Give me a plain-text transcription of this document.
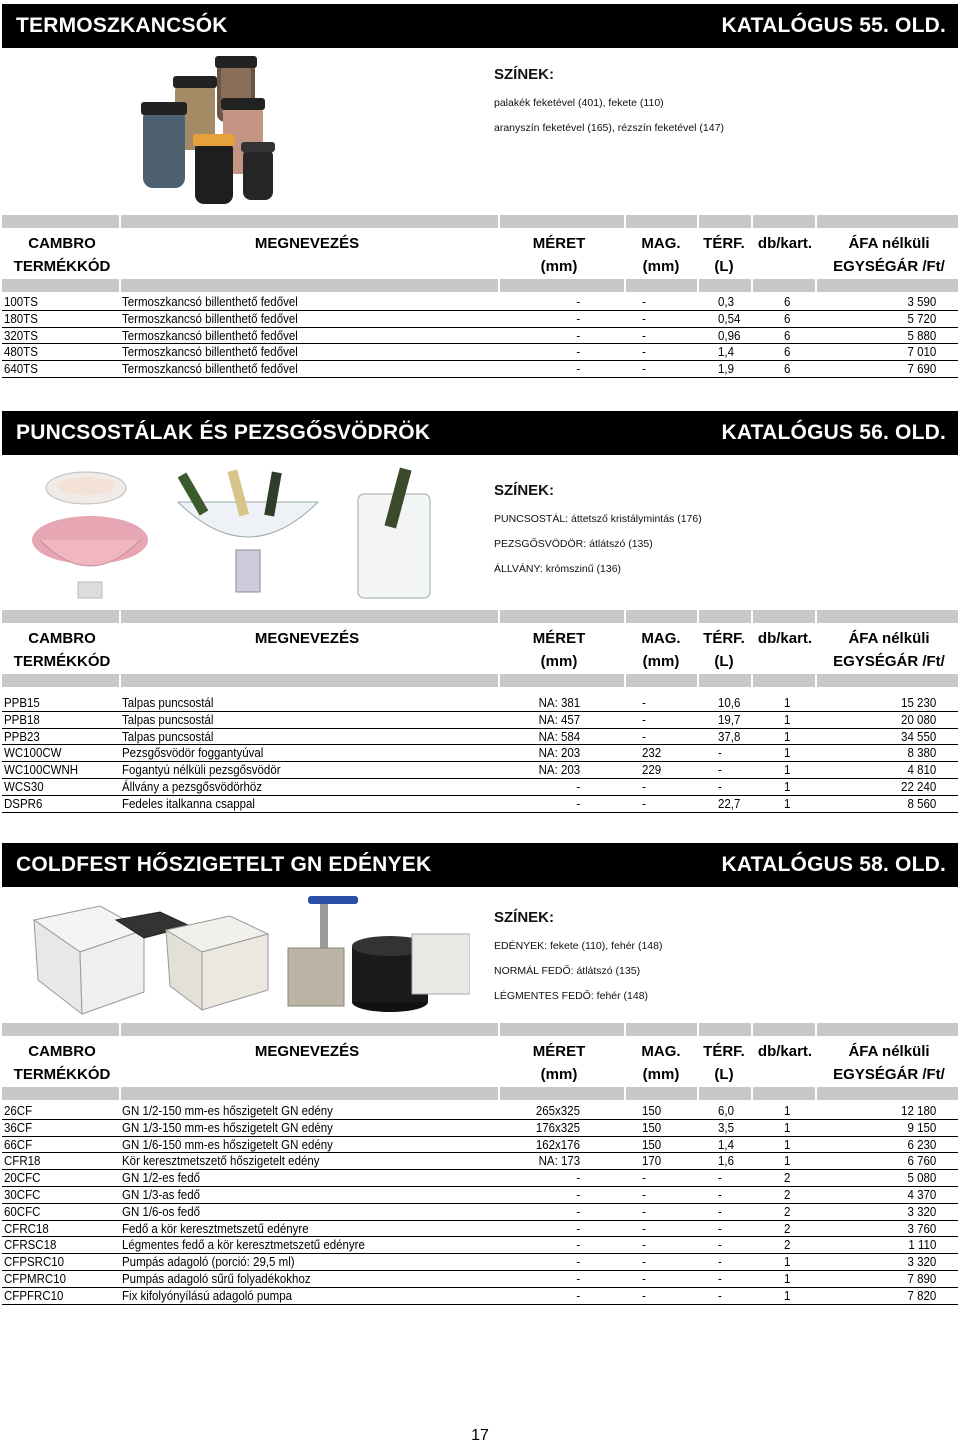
TERMOSZKANCSÓK	KATALÓGUS 55. OLD.
SZÍNEK:
palakék feketével (401), fekete (110)
aranyszín feketével (165), rézszín feketével (147)
CAMBRO
TERMÉKKÓD
MEGNEVEZÉS	MÉRET
(mm)
MAG.
(mm)
TÉRF.
(L)
db/kart.	ÁFA nélküli
EGYSÉGÁR /Ft/
100TS	Termoszkancsó billenthető fedővel	-	-	0,3	6	3 590
180TS	Termoszkancsó billenthető fedővel	-	-	0,54	6	5 720
320TS	Termoszkancsó billenthető fedővel	-	-	0,96	6	5 880
480TS	Termoszkancsó billenthető fedővel	-	-	1,4	6	7 010
640TS	Termoszkancsó billenthető fedővel	-	-	1,9	6	7 690
PUNCSOSTÁLAK ÉS PEZSGŐSVÖDRÖK	KATALÓGUS 56. OLD.
SZÍNEK:
PUNCSOSTÁL: áttetsző kristálymintás (176)
PEZSGŐSVÖDÖR: átlátszó (135)
ÁLLVÁNY: krómszinű (136)
CAMBRO
TERMÉKKÓD
MEGNEVEZÉS	MÉRET
(mm)
MAG.
(mm)
TÉRF.
(L)
db/kart.	ÁFA nélküli
EGYSÉGÁR /Ft/
PPB15	Talpas puncsostál	NA: 381	-	10,6	1	15 230
PPB18	Talpas puncsostál	NA: 457	-	19,7	1	20 080
PPB23	Talpas puncsostál	NA: 584	-	37,8	1	34 550
WC100CW	Pezsgősvödör foggantyúval	NA: 203	232	-	1	8 380
WC100CWNH	Fogantyú nélküli pezsgősvödör	NA: 203	229	-	1	4 810
WCS30	Állvány a pezsgősvödörhöz	-	-	-	1	22 240
DSPR6	Fedeles italkanna csappal	-	-	22,7	1	8 560
COLDFEST HŐSZIGETELT GN EDÉNYEK	KATALÓGUS 58. OLD.
SZÍNEK:
EDÉNYEK: fekete (110), fehér (148)
NORMÁL FEDŐ: átlátszó (135)
LÉGMENTES FEDŐ: fehér (148)
CAMBRO
TERMÉKKÓD
MEGNEVEZÉS	MÉRET
(mm)
MAG.
(mm)
TÉRF.
(L)
db/kart.	ÁFA nélküli
EGYSÉGÁR /Ft/
26CF	GN 1/2-150 mm-es hőszigetelt GN edény	265x325	150	6,0	1	12 180
36CF	GN 1/3-150 mm-es hőszigetelt GN edény	176x325	150	3,5	1	9 150
66CF	GN 1/6-150 mm-es hőszigetelt GN edény	162x176	150	1,4	1	6 230
CFR18	Kör keresztmetszető hőszigetelt edény	NA: 173	170	1,6	1	6 760
20CFC	GN 1/2-es fedő	-	-	-	2	5 080
30CFC	GN 1/3-as fedő	-	-	-	2	4 370
60CFC	GN 1/6-os fedő	-	-	-	2	3 320
CFRC18	Fedő a kör keresztmetszetű edényre	-	-	-	2	3 760
CFRSC18	Légmentes fedő a kör keresztmetszetű edényre	-	-	-	2	1 110
CFPSRC10	Pumpás adagoló (porció: 29,5 ml)	-	-	-	1	3 320
CFPMRC10	Pumpás adagoló sűrű folyadékokhoz	-	-	-	1	7 890
CFPFRC10	Fix kifolyónyílású adagoló pumpa	-	-	-	1	7 820
17
